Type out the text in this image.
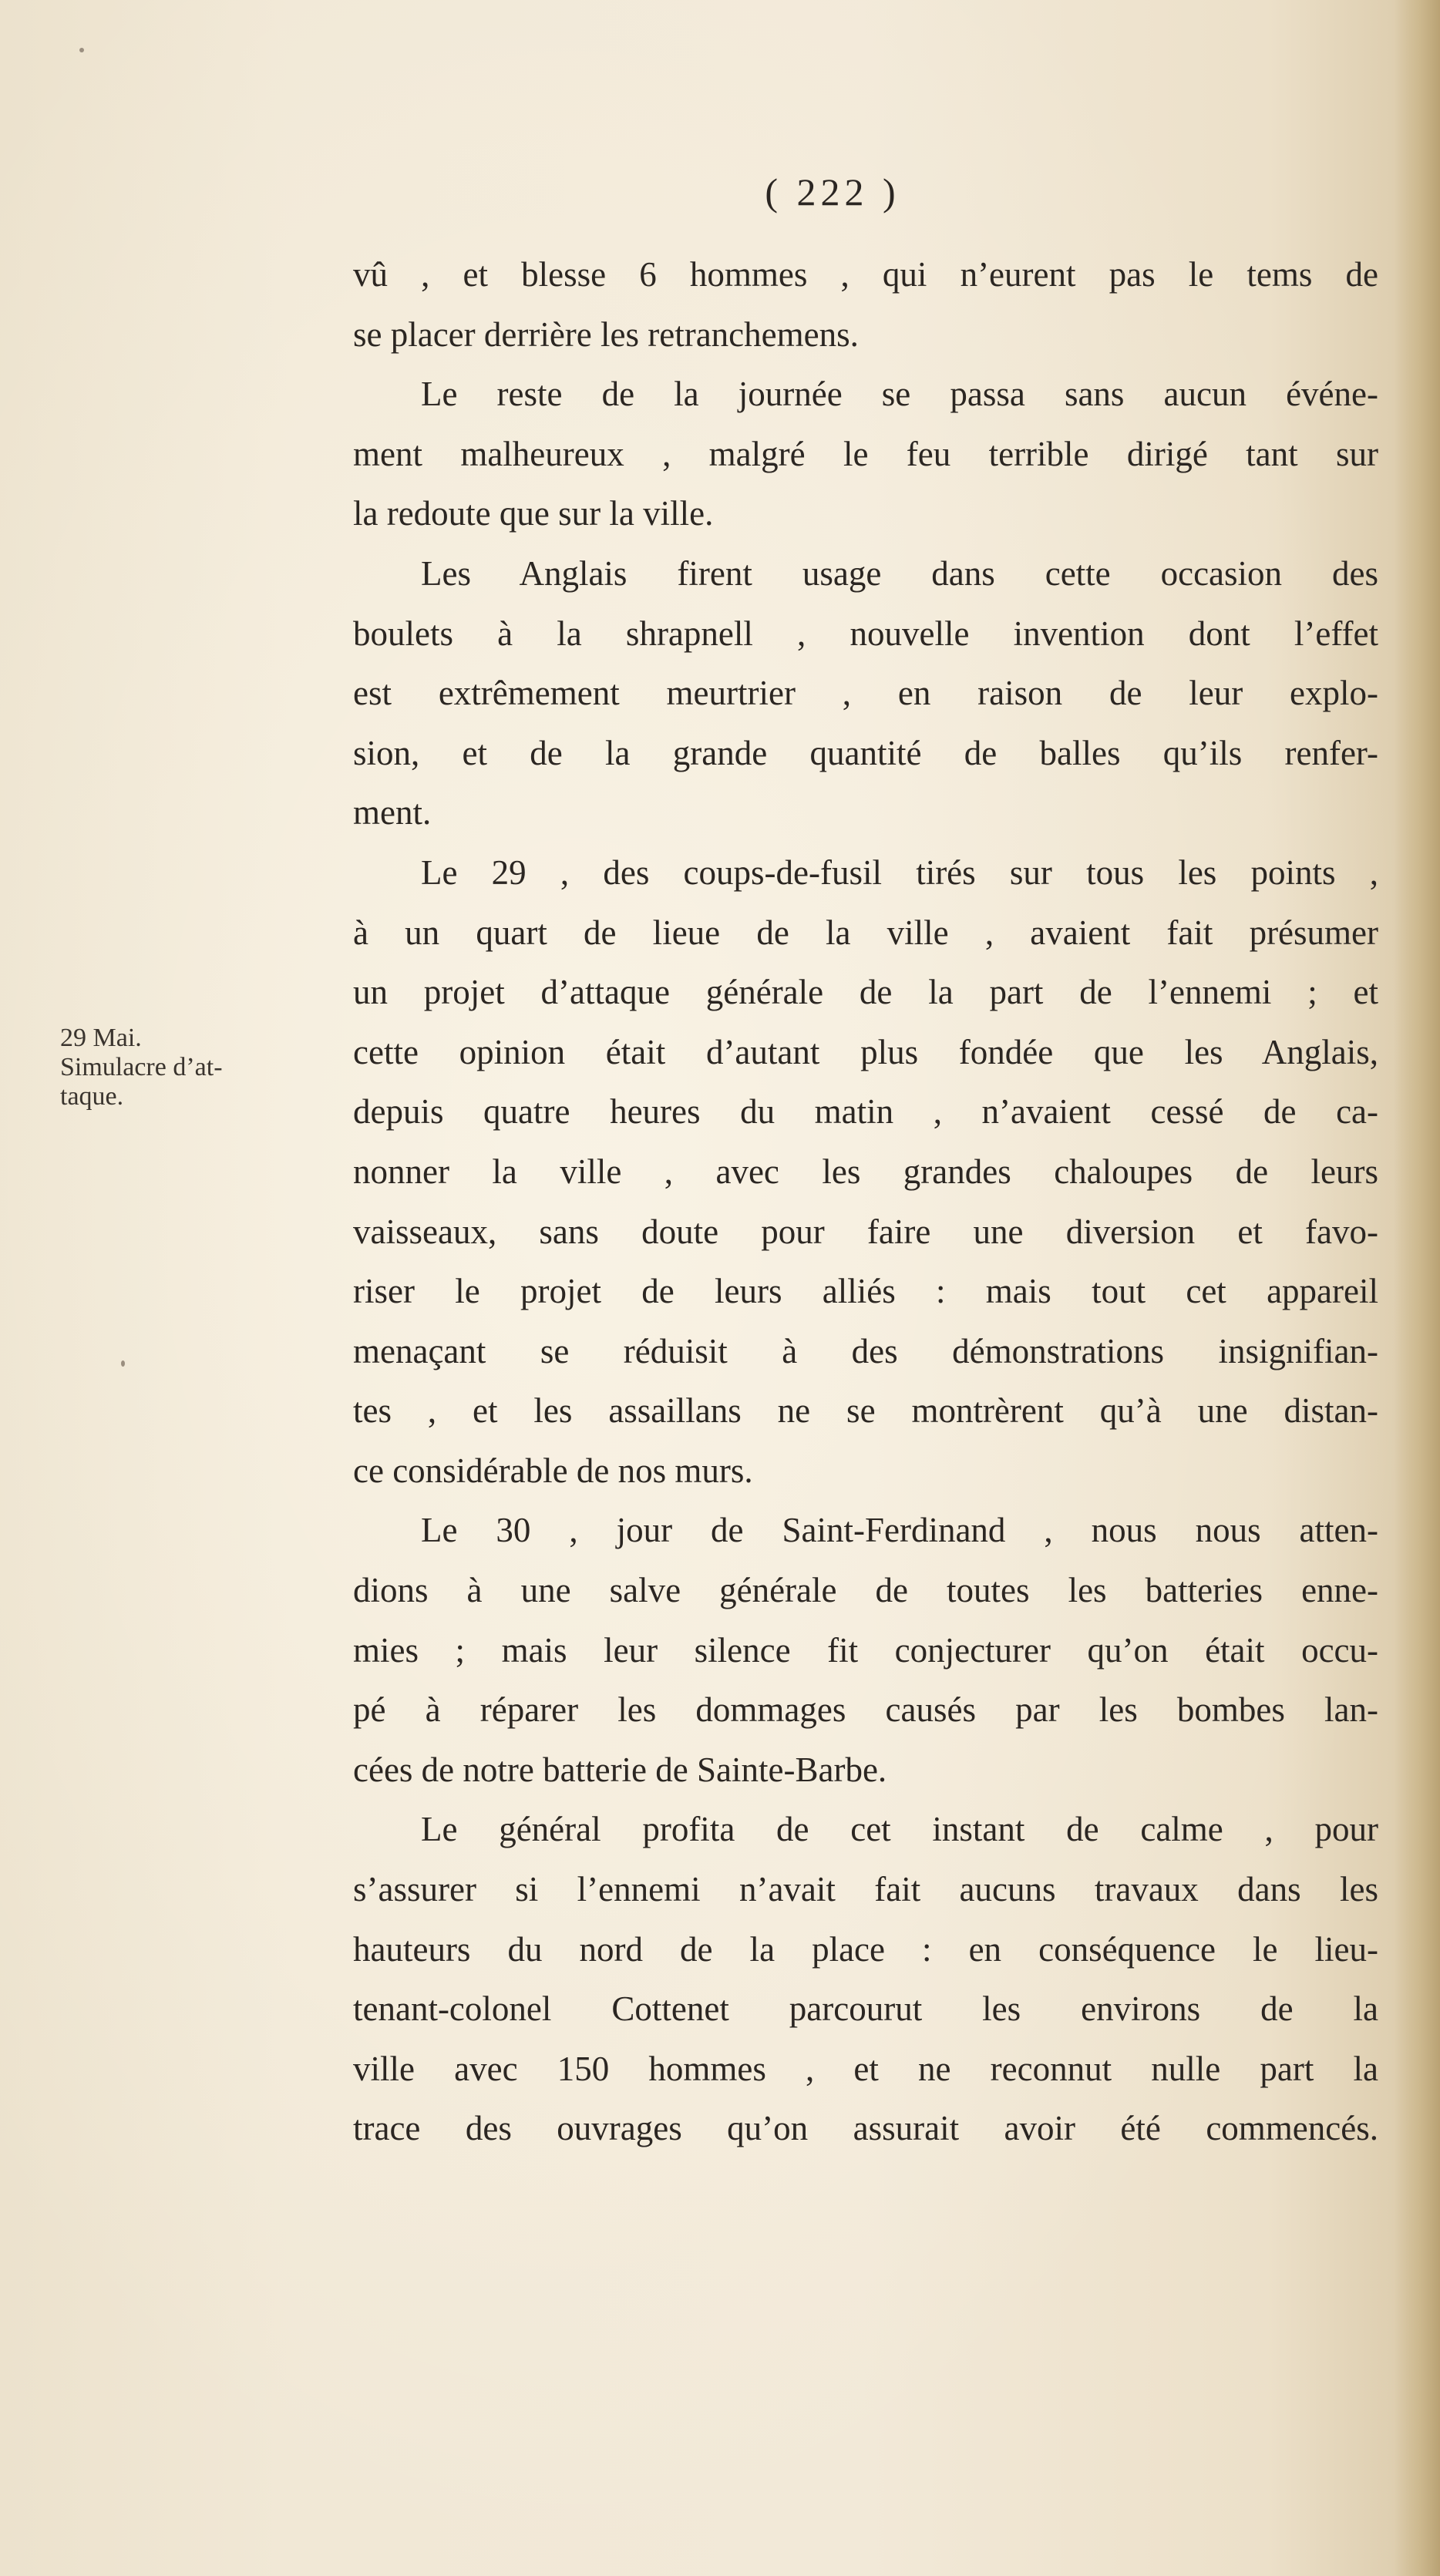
( 222 )
29 Mai.
Simulacre d’at-
taque.
vû , et blesse 6 hommes , qui n’eurent pas le tems de
se placer derrière les retranchemens.
Le reste de la journée se passa sans aucun événe-
ment malheureux , malgré le feu terrible dirigé tant sur
la redoute que sur la ville.
Les Anglais firent usage dans cette occasion des
boulets à la shrapnell , nouvelle invention dont l’effet
est extrêmement meurtrier , en raison de leur explo-
sion, et de la grande quantité de balles qu’ils renfer-
ment.
Le 29 , des coups-de-fusil tirés sur tous les points ,
à un quart de lieue de la ville , avaient fait présumer
un projet d’attaque générale de la part de l’ennemi ; et
cette opinion était d’autant plus fondée que les Anglais,
depuis quatre heures du matin , n’avaient cessé de ca-
nonner la ville , avec les grandes chaloupes de leurs
vaisseaux, sans doute pour faire une diversion et favo-
riser le projet de leurs alliés : mais tout cet appareil
menaçant se réduisit à des démonstrations insignifian-
tes , et les assaillans ne se montrèrent qu’à une distan-
ce considérable de nos murs.
Le 30 , jour de Saint-Ferdinand , nous nous atten-
dions à une salve générale de toutes les batteries enne-
mies ; mais leur silence fit conjecturer qu’on était occu-
pé à réparer les dommages causés par les bombes lan-
cées de notre batterie de Sainte-Barbe.
Le général profita de cet instant de calme , pour
s’assurer si l’ennemi n’avait fait aucuns travaux dans les
hauteurs du nord de la place : en conséquence le lieu-
tenant-colonel Cottenet parcourut les environs de la
ville avec 150 hommes , et ne reconnut nulle part la
trace des ouvrages qu’on assurait avoir été commencés.
